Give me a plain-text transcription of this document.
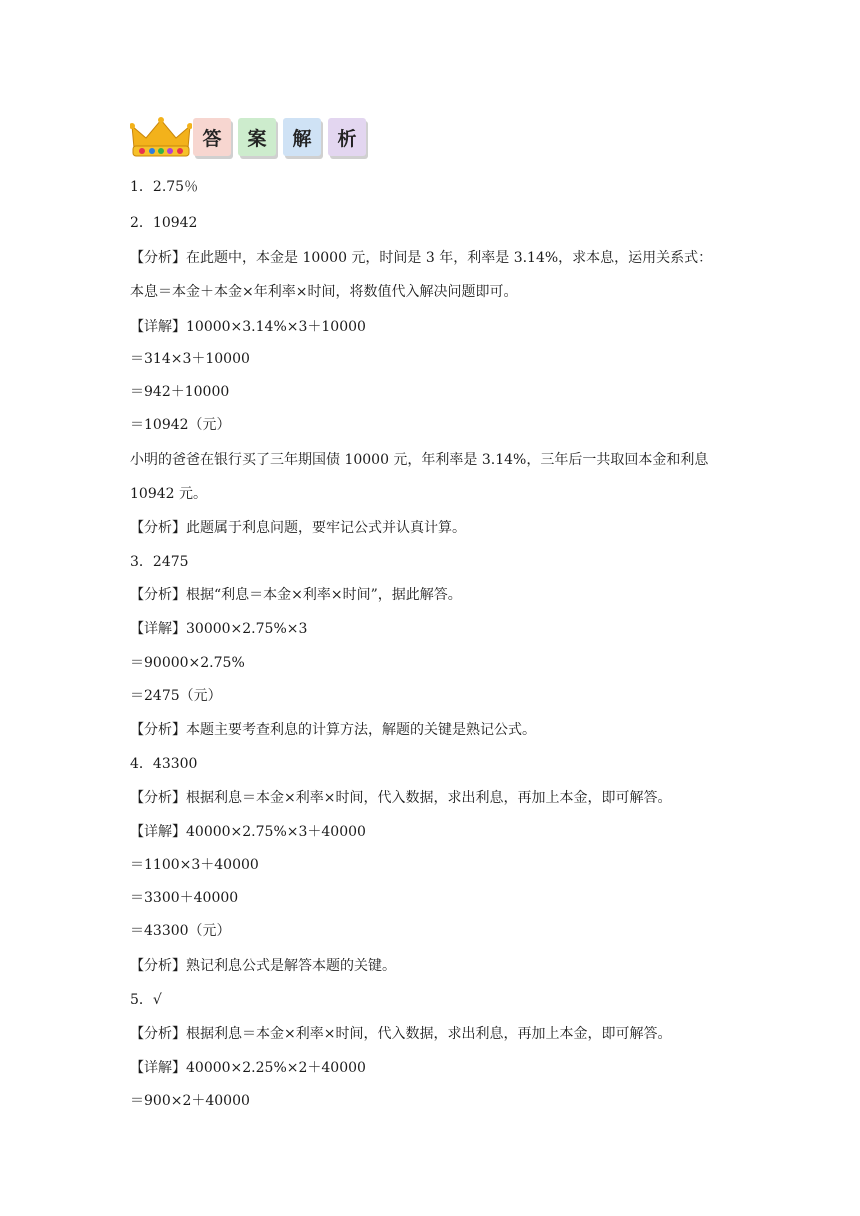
答 案 解 析
1．2.75％
2．10942
【分析】在此题中，本金是 10000 元，时间是 3 年，利率是 3.14%，求本息，运用关系式：
本息＝本金＋本金×年利率×时间，将数值代入解决问题即可。
【详解】10000×3.14%×3＋10000
＝314×3＋10000
＝942＋10000
＝10942（元）
小明的爸爸在银行买了三年期国债 10000 元，年利率是 3.14%，三年后一共取回本金和利息
10942 元。
【分析】此题属于利息问题，要牢记公式并认真计算。
3．2475
【分析】根据“利息＝本金×利率×时间”，据此解答。
【详解】30000×2.75%×3
＝90000×2.75%
＝2475（元）
【分析】本题主要考查利息的计算方法，解题的关键是熟记公式。
4．43300
【分析】根据利息＝本金×利率×时间，代入数据，求出利息，再加上本金，即可解答。
【详解】40000×2.75%×3＋40000
＝1100×3＋40000
＝3300＋40000
＝43300（元）
【分析】熟记利息公式是解答本题的关键。
5．√
【分析】根据利息＝本金×利率×时间，代入数据，求出利息，再加上本金，即可解答。
【详解】40000×2.25%×2＋40000
＝900×2＋40000
